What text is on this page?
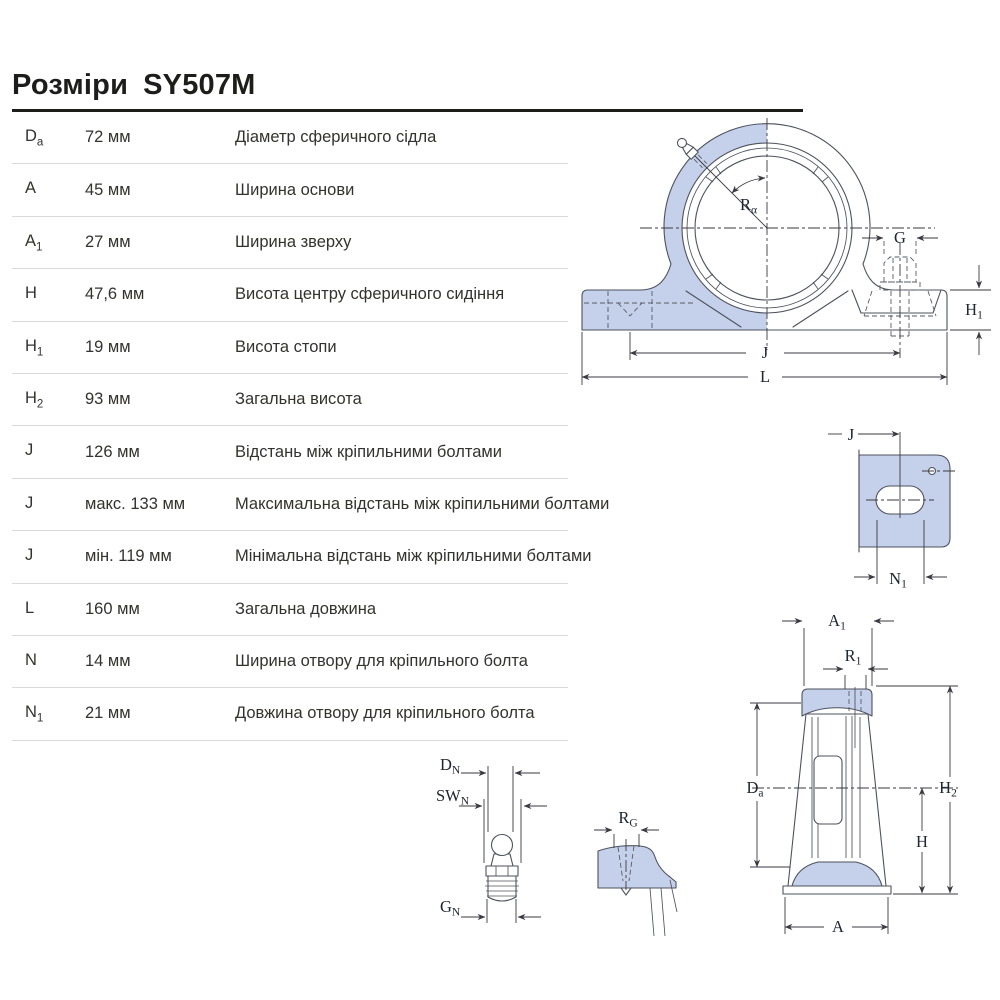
Розміри SY507M
$D_a$	72 мм	Діаметр сферичного сідла
A	45 мм	Ширина основи
$A_1$	27 мм	Ширина зверху
H	47,6 мм	Висота центру сферичного сидіння
$H_1$	19 мм	Висота стопи
$H_2$	93 мм	Загальна висота
J	126 мм	Відстань між кріпильними болтами
J	макс. 133 мм	Максимальна відстань між кріпильними болтами
J	мін. 119 мм	Мінімальна відстань між кріпильними болтами
L	160 мм	Загальна довжина
N	14 мм	Ширина отвору для кріпильного болта
$N_1$	21 мм	Довжина отвору для кріпильного болта
G
$H_1$
J
L
$R_\alpha$
J
$N_1$
$D_a$	$H_2$
H
$A_1$
$R_1$
A
$D_N$
$SW_N$
$G_N$
$R_G$
